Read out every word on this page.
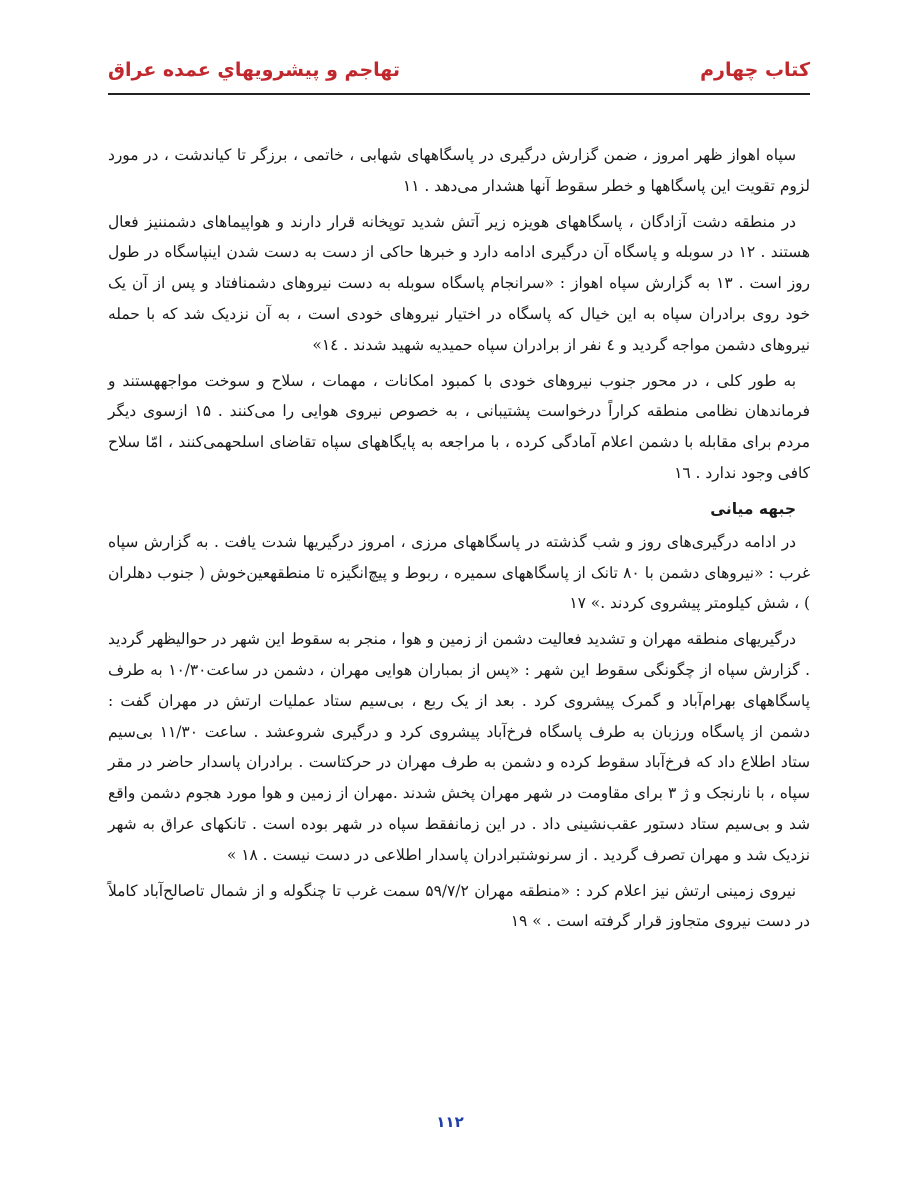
کتاب چهارم
تهاجم و پیشرویهاي عمده عراق

سپاه اهواز ظهر امروز ، ضمن گزارش درگیری در پاسگاههای شهابی ، خاتمی ، برزگر تا کیاندشت ، در مورد لزوم تقویت این پاسگاهها و خطر سقوط آنها هشدار می‌دهد . ۱۱

در منطقه دشت آزادگان ، پاسگاههای هویزه زیر آتش شدید توپخانه قرار دارند و هواپیماهای دشمننیز فعال هستند . ۱۲ در سوبله و پاسگاه آن درگیری ادامه دارد و خبرها حاکی از دست به دست شدن اینپاسگاه در طول روز است . ۱۳ به گزارش سپاه اهواز : «سرانجام پاسگاه سوبله به دست نیروهای دشمنافتاد و پس از آن یک خود روی برادران سپاه به این خیال که پاسگاه در اختیار نیروهای خودی است ، به آن نزدیک شد که با حمله نیروهای دشمن مواجه گردید و ٤ نفر از برادران سپاه حمیدیه شهید شدند . ۱٤»

به طور کلی ، در محور جنوب نیروهای خودی با کمبود امکانات ، مهمات ، سلاح و سوخت مواجههستند و فرماندهان نظامی منطقه کراراً درخواست پشتیبانی ، به خصوص نیروی هوایی را می‌کنند . ۱۵ ازسوی دیگر مردم برای مقابله با دشمن اعلام آمادگی کرده ، با مراجعه به پایگاههای سپاه تقاضای اسلحهمی‌کنند ، امّا سلاح کافی وجود ندارد . ۱٦

جبهه میانی

در ادامه درگیری‌های روز و شب گذشته در پاسگاههای مرزی ، امروز درگیریها شدت یافت . به گزارش سپاه غرب : «نیروهای دشمن با ۸۰ تانک از پاسگاههای سمیره ، ربوط و پیچ‌انگیزه تا منطقهعین‌خوش ( جنوب دهلران ) ، شش کیلومتر پیشروی کردند .» ۱۷

درگیریهای منطقه مهران و تشدید فعالیت دشمن از زمین و هوا ، منجر به سقوط این شهر در حوالیظهر گردید . گزارش سپاه از چگونگی سقوط این شهر : «پس از بمباران هوایی مهران ، دشمن در ساعت۱۰/۳۰ به طرف پاسگاههای بهرام‌آباد و گمرک پیشروی کرد . بعد از یک ربع ، بی‌سیم ستاد عملیات ارتش در مهران گفت : دشمن از پاسگاه ورزبان به طرف پاسگاه فرخ‌آباد پیشروی کرد و درگیری شروعشد . ساعت ۱۱/۳۰ بی‌سیم ستاد اطلاع داد که فرخ‌آباد سقوط کرده و دشمن به طرف مهران در حرکتاست . برادران پاسدار حاضر در مقر سپاه ، با نارنجک و ژ ۳ برای مقاومت در شهر مهران پخش شدند .مهران از زمین و هوا مورد هجوم دشمن واقع شد و بی‌سیم ستاد دستور عقب‌نشینی داد . در این زمانفقط سپاه در شهر بوده است . تانکهای عراق به شهر نزدیک شد و مهران تصرف گردید . از سرنوشتبرادران پاسدار اطلاعی در دست نیست . ۱۸ »

نیروی زمینی ارتش نیز اعلام کرد : «منطقه مهران ۵۹/۷/۲ سمت غرب تا چنگوله و از شمال تاصالح‌آباد کاملاً در دست نیروی متجاوز قرار گرفته است . » ۱۹

۱۱۲
